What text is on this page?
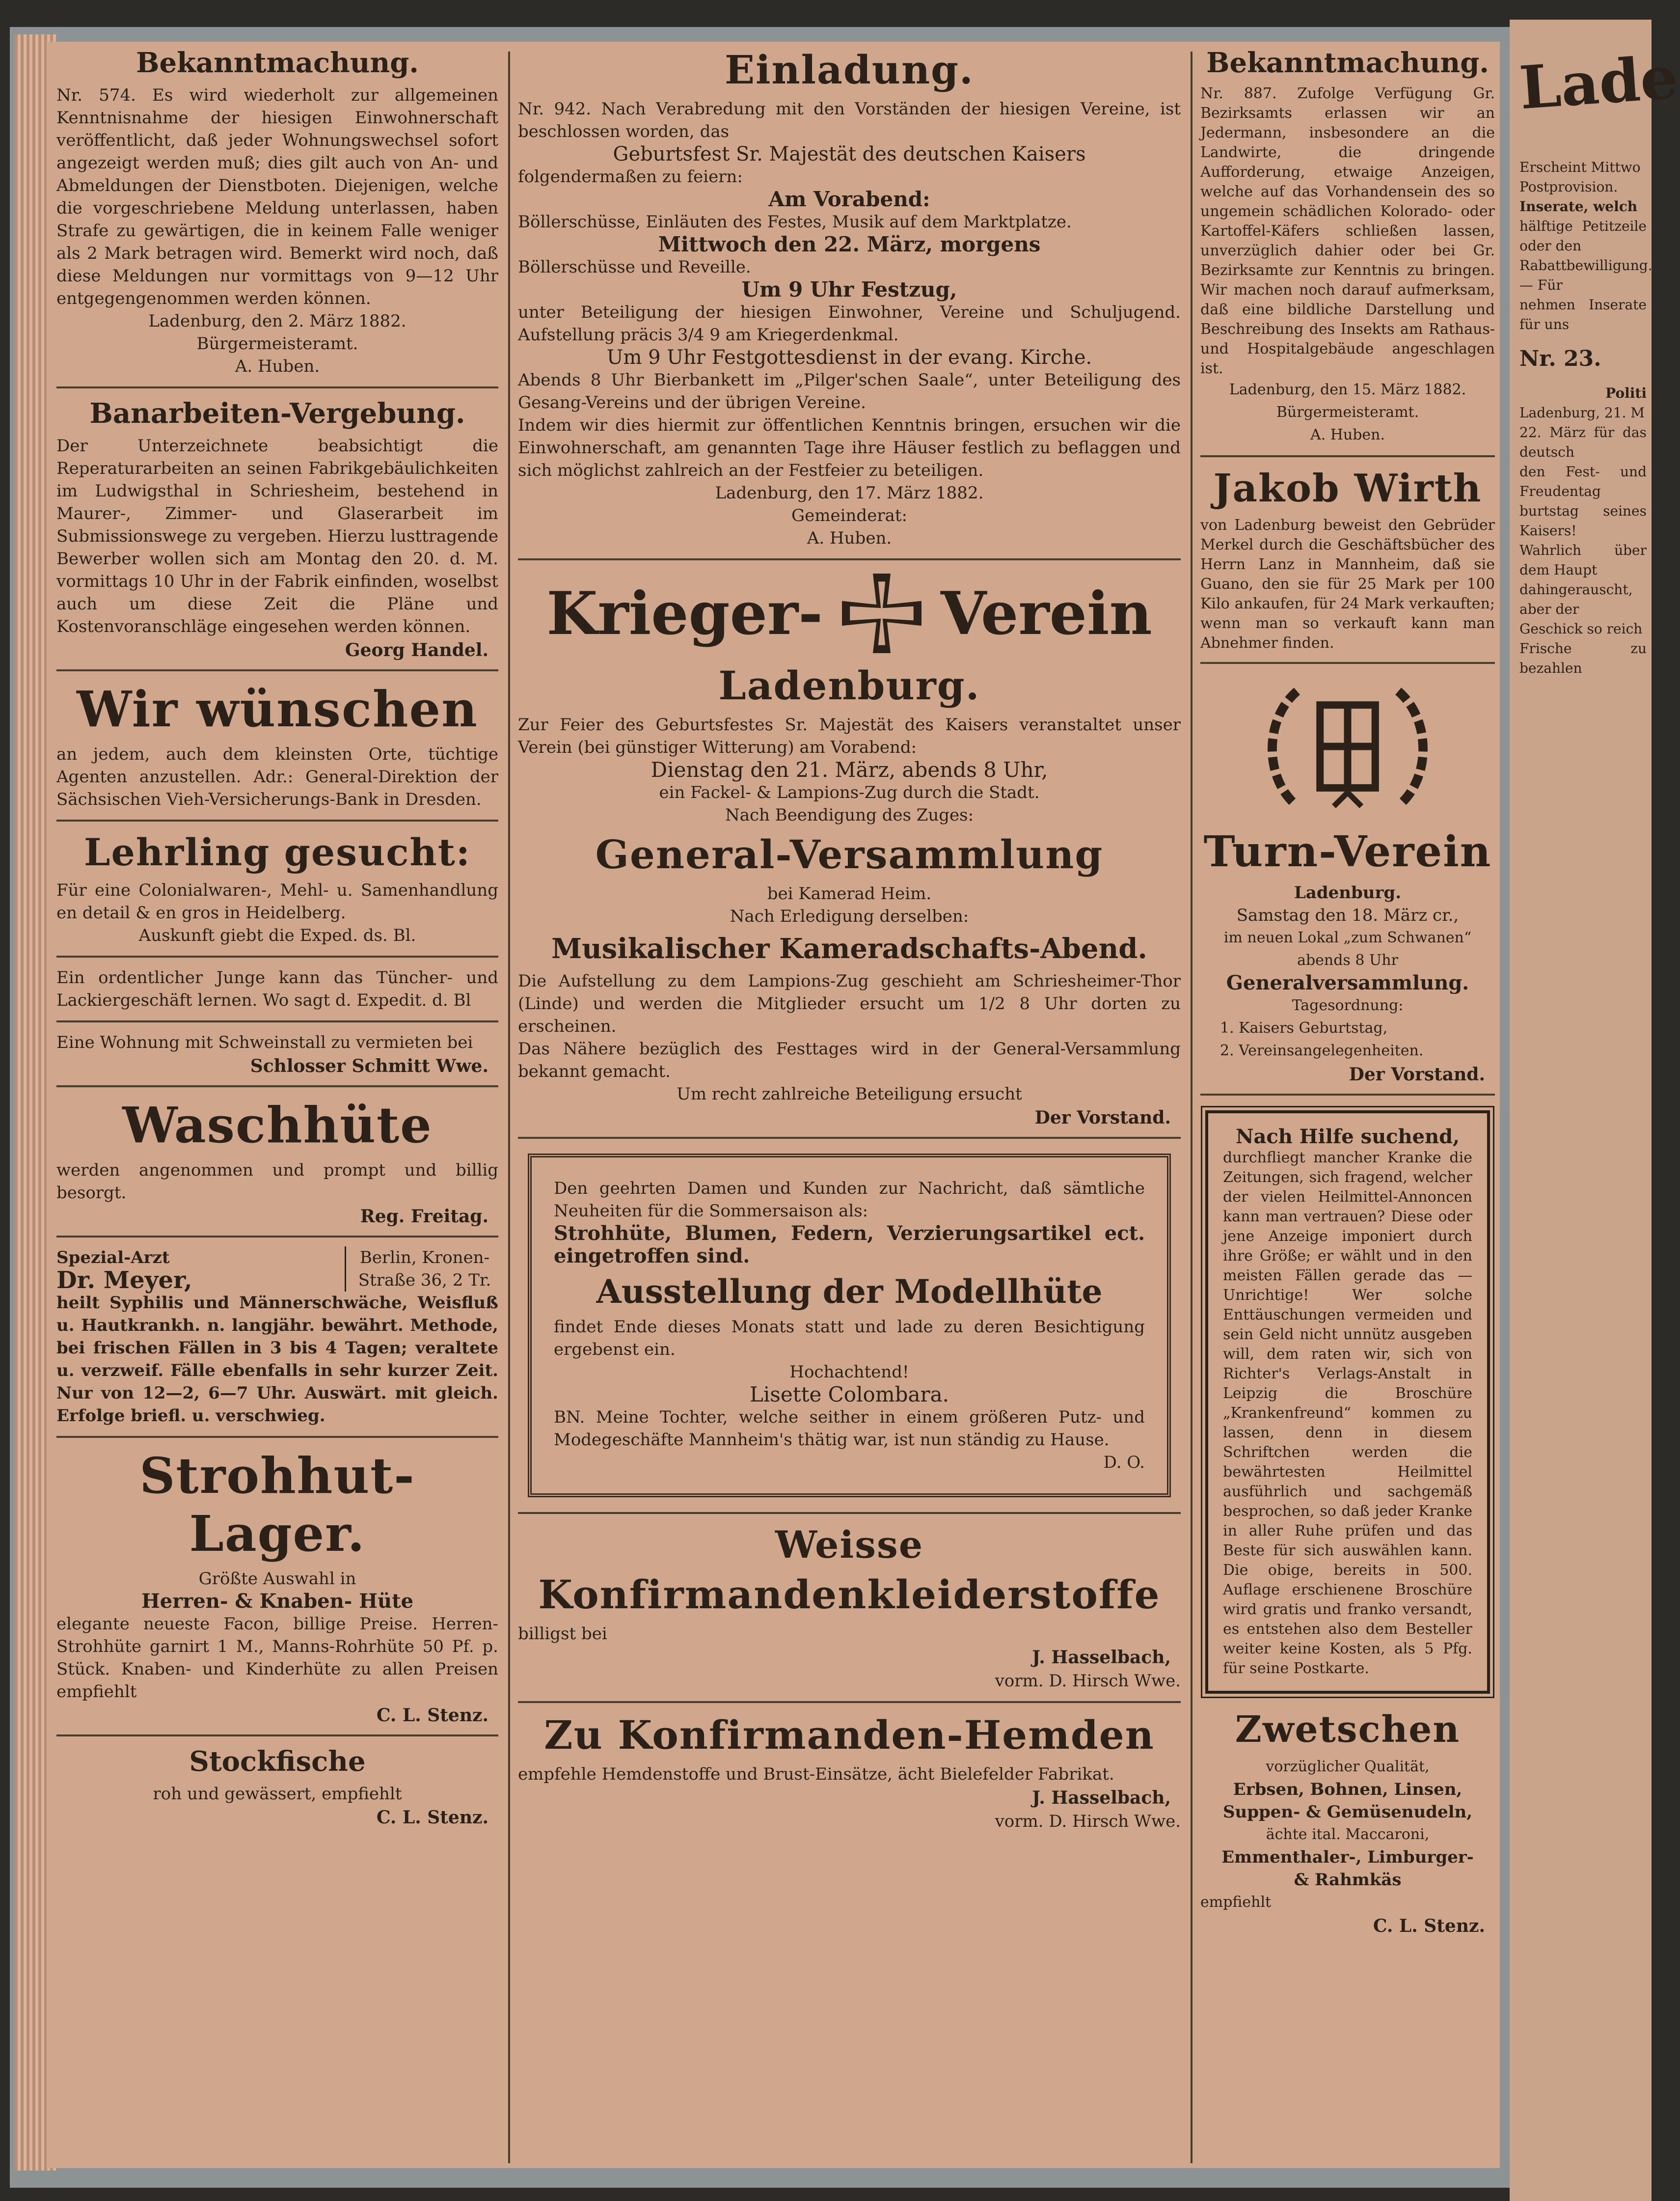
Bekanntmachung.

Nr. 574. Es wird wiederholt zur allgemeinen Kenntnisnahme der hiesigen Einwohnerschaft veröffentlicht, daß jeder Wohnungswechsel sofort angezeigt werden muß; dies gilt auch von An- und Abmeldungen der Dienstboten. Diejenigen, welche die vorgeschriebene Meldung unterlassen, haben Strafe zu gewärtigen, die in keinem Falle weniger als 2 Mark betragen wird. Bemerkt wird noch, daß diese Meldungen nur vormittags von 9—12 Uhr entgegengenommen werden können.

Ladenburg, den 2. März 1882.

Bürgermeisteramt.

A. Huben.

Banarbeiten-Vergebung.

Der Unterzeichnete beabsichtigt die Reperaturarbeiten an seinen Fabrikgebäulichkeiten im Ludwigsthal in Schriesheim, bestehend in Maurer-, Zimmer- und Glaserarbeit im Submissionswege zu vergeben. Hierzu lusttragende Bewerber wollen sich am Montag den 20. d. M. vormittags 10 Uhr in der Fabrik einfinden, woselbst auch um diese Zeit die Pläne und Kostenvoranschläge eingesehen werden können.

Georg Handel.
Wir wünschen

an jedem, auch dem kleinsten Orte, tüchtige Agenten anzustellen. Adr.: General-Direktion der Sächsischen Vieh-Versicherungs-Bank in Dresden.

Lehrling gesucht:

Für eine Colonialwaren-, Mehl- u. Samenhandlung en detail & en gros in Heidelberg.

Auskunft giebt die Exped. ds. Bl.

Ein ordentlicher Junge kann das Tüncher- und Lackiergeschäft lernen. Wo sagt d. Expedit. d. Bl

Eine Wohnung mit Schweinstall zu vermieten bei

Schlosser Schmitt Wwe.
Waschhüte

werden angenommen und prompt und billig besorgt.

Reg. Freitag.

Spezial-Arzt

Dr. Meyer,

Berlin, Kronen-Straße 36, 2 Tr.

heilt Syphilis und Männerschwäche, Weisfluß u. Hautkrankh. n. langjähr. bewährt. Methode, bei frischen Fällen in 3 bis 4 Tagen; veraltete u. verzweif. Fälle ebenfalls in sehr kurzer Zeit. Nur von 12—2, 6—7 Uhr. Auswärt. mit gleich. Erfolge briefl. u. verschwieg.

Strohhut-Lager.

Größte Auswahl in

Herren- & Knaben- Hüte

elegante neueste Facon, billige Preise. Herren-Strohhüte garnirt 1 M., Manns-Rohrhüte 50 Pf. p. Stück. Knaben- und Kinderhüte zu allen Preisen empfiehlt

C. L. Stenz.
Stockfische

roh und gewässert, empfiehlt

C. L. Stenz.
Einladung.

Nr. 942. Nach Verabredung mit den Vorständen der hiesigen Vereine, ist beschlossen worden, das

Geburtsfest Sr. Majestät des deutschen Kaisers

folgendermaßen zu feiern:

Am Vorabend:

Böllerschüsse, Einläuten des Festes, Musik auf dem Marktplatze.

Mittwoch den 22. März, morgens

Böllerschüsse und Reveille.

Um 9 Uhr Festzug,

unter Beteiligung der hiesigen Einwohner, Vereine und Schuljugend. Aufstellung präcis 3/4 9 am Kriegerdenkmal.

Um 9 Uhr Festgottesdienst in der evang. Kirche.

Abends 8 Uhr Bierbankett im „Pilger'schen Saale“, unter Beteiligung des Gesang-Vereins und der übrigen Vereine.

Indem wir dies hiermit zur öffentlichen Kenntnis bringen, ersuchen wir die Einwohnerschaft, am genannten Tage ihre Häuser festlich zu beflaggen und sich möglichst zahlreich an der Festfeier zu beteiligen.

Ladenburg, den 17. März 1882.

Gemeinderat:

A. Huben.

Krieger- Verein
Ladenburg.

Zur Feier des Geburtsfestes Sr. Majestät des Kaisers veranstaltet unser Verein (bei günstiger Witterung) am Vorabend:

Dienstag den 21. März, abends 8 Uhr,

ein Fackel- & Lampions-Zug durch die Stadt.

Nach Beendigung des Zuges:

General-Versammlung

bei Kamerad Heim.

Nach Erledigung derselben:

Musikalischer Kameradschafts-Abend.

Die Aufstellung zu dem Lampions-Zug geschieht am Schriesheimer-Thor (Linde) und werden die Mitglieder ersucht um 1/2 8 Uhr dorten zu erscheinen.

Das Nähere bezüglich des Festtages wird in der General-Versammlung bekannt gemacht.

Um recht zahlreiche Beteiligung ersucht

Der Vorstand.

Den geehrten Damen und Kunden zur Nachricht, daß sämtliche Neuheiten für die Sommersaison als:

Strohhüte, Blumen, Federn, Verzierungsartikel ect. eingetroffen sind.

Ausstellung der Modellhüte

findet Ende dieses Monats statt und lade zu deren Besichtigung ergebenst ein.

Hochachtend!

Lisette Colombara.

BN. Meine Tochter, welche seither in einem größeren Putz- und Modegeschäfte Mannheim's thätig war, ist nun ständig zu Hause.

D. O.

Weisse
Konfirmandenkleiderstoffe

billigst bei

J. Hasselbach,

vorm. D. Hirsch Wwe.

Zu Konfirmanden-Hemden

empfehle Hemdenstoffe und Brust-Einsätze, ächt Bielefelder Fabrikat.

J. Hasselbach,

vorm. D. Hirsch Wwe.

Bekanntmachung.

Nr. 887. Zufolge Verfügung Gr. Bezirksamts erlassen wir an Jedermann, insbesondere an die Landwirte, die dringende Aufforderung, etwaige Anzeigen, welche auf das Vorhandensein des so ungemein schädlichen Kolorado- oder Kartoffel-Käfers schließen lassen, unverzüglich dahier oder bei Gr. Bezirksamte zur Kenntnis zu bringen. Wir machen noch darauf aufmerksam, daß eine bildliche Darstellung und Beschreibung des Insekts am Rathaus- und Hospitalgebäude angeschlagen ist.

Ladenburg, den 15. März 1882.

Bürgermeisteramt.

A. Huben.

Jakob Wirth

von Ladenburg beweist den Gebrüder Merkel durch die Geschäftsbücher des Herrn Lanz in Mannheim, daß sie Guano, den sie für 25 Mark per 100 Kilo ankaufen, für 24 Mark verkauften; wenn man so verkauft kann man Abnehmer finden.

Turn-Verein

Ladenburg.

Samstag den 18. März cr.,

im neuen Lokal „zum Schwanen“

abends 8 Uhr

Generalversammlung.

Tagesordnung:

1. Kaisers Geburtstag,

2. Vereinsangelegenheiten.

Der Vorstand.

Nach Hilfe suchend,

durchfliegt mancher Kranke die Zeitungen, sich fragend, welcher der vielen Heilmittel-Annoncen kann man vertrauen? Diese oder jene Anzeige imponiert durch ihre Größe; er wählt und in den meisten Fällen gerade das — Unrichtige! Wer solche Enttäuschungen vermeiden und sein Geld nicht unnütz ausgeben will, dem raten wir, sich von Richter's Verlags-Anstalt in Leipzig die Broschüre „Krankenfreund“ kommen zu lassen, denn in diesem Schriftchen werden die bewährtesten Heilmittel ausführlich und sachgemäß besprochen, so daß jeder Kranke in aller Ruhe prüfen und das Beste für sich auswählen kann. Die obige, bereits in 500. Auflage erschienene Broschüre wird gratis und franko versandt, es entstehen also dem Besteller weiter keine Kosten, als 5 Pfg. für seine Postkarte.

Zwetschen

vorzüglicher Qualität,

Erbsen, Bohnen, Linsen,

Suppen- & Gemüsenudeln,

ächte ital. Maccaroni,

Emmenthaler-, Limburger-

& Rahmkäs

empfiehlt

C. L. Stenz.
Lade

Erscheint Mittwo

Postprovision.

Inserate, welch

hälftige Petitzeile oder den

Rabattbewilligung. — Für

nehmen Inserate für uns

Nr. 23.

Politi

Ladenburg, 21. M

22. März für das deutsch

den Fest- und Freudentag

burtstag seines Kaisers!

Wahrlich über dem Haupt

dahingerauscht, aber der

Geschick so reich

Frische zu bezahlen
